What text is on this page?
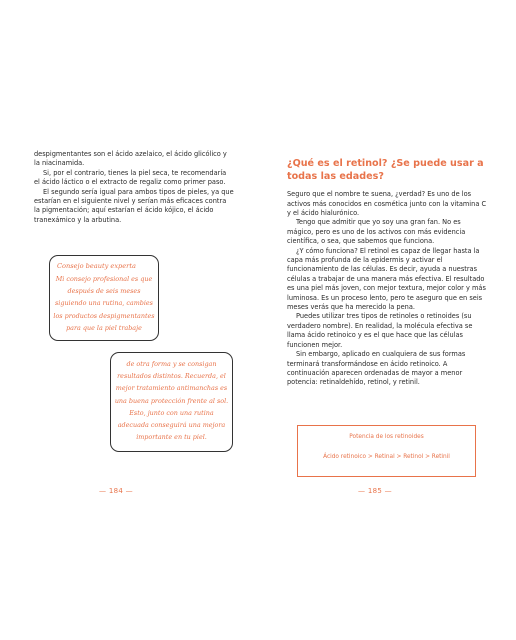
despigmentantes son el ácido azelaico, el ácido glicólico y la niacinamida.

Si, por el contrario, tienes la piel seca, te recomendaría el ácido láctico o el extracto de regaliz como primer paso.

El segundo sería igual para ambos tipos de pieles, ya que estarían en el siguiente nivel y serían más eficaces contra la pigmentación; aquí estarían el ácido kójico, el ácido tranexámico y la arbutina.

Consejo beauty experta
Mi consejo profesional es que después de seis meses siguiendo una rutina, cambies los productos despigmentantes para que la piel trabaje
de otra forma y se consigan resultados distintos. Recuerda, el mejor tratamiento antimanchas es una buena protección frente al sol. Esto, junto con una rutina adecuada conseguirá una mejora importante en tu piel.
— 184 —
¿Qué es el retinol? ¿Se puede usar a todas las edades?

Seguro que el nombre te suena, ¿verdad? Es uno de los activos más conocidos en cosmética junto con la vitamina C y el ácido hialurónico.

Tengo que admitir que yo soy una gran fan. No es mágico, pero es uno de los activos con más evidencia científica, o sea, que sabemos que funciona.

¿Y cómo funciona? El retinol es capaz de llegar hasta la capa más profunda de la epidermis y activar el funcionamiento de las células. Es decir, ayuda a nuestras células a trabajar de una manera más efectiva. El resultado es una piel más joven, con mejor textura, mejor color y más luminosa. Es un proceso lento, pero te aseguro que en seis meses verás que ha merecido la pena.

Puedes utilizar tres tipos de retinoles o retinoides (su verdadero nombre). En realidad, la molécula efectiva se llama ácido retinoico y es el que hace que las células funcionen mejor.

Sin embargo, aplicado en cualquiera de sus formas terminará transformándose en ácido retinoico. A continuación aparecen ordenadas de mayor a menor potencia: retinaldehído, retinol, y retinil.

Potencia de los retinoides
Ácido retinoico > Retinal > Retinol > Retinil
— 185 —
